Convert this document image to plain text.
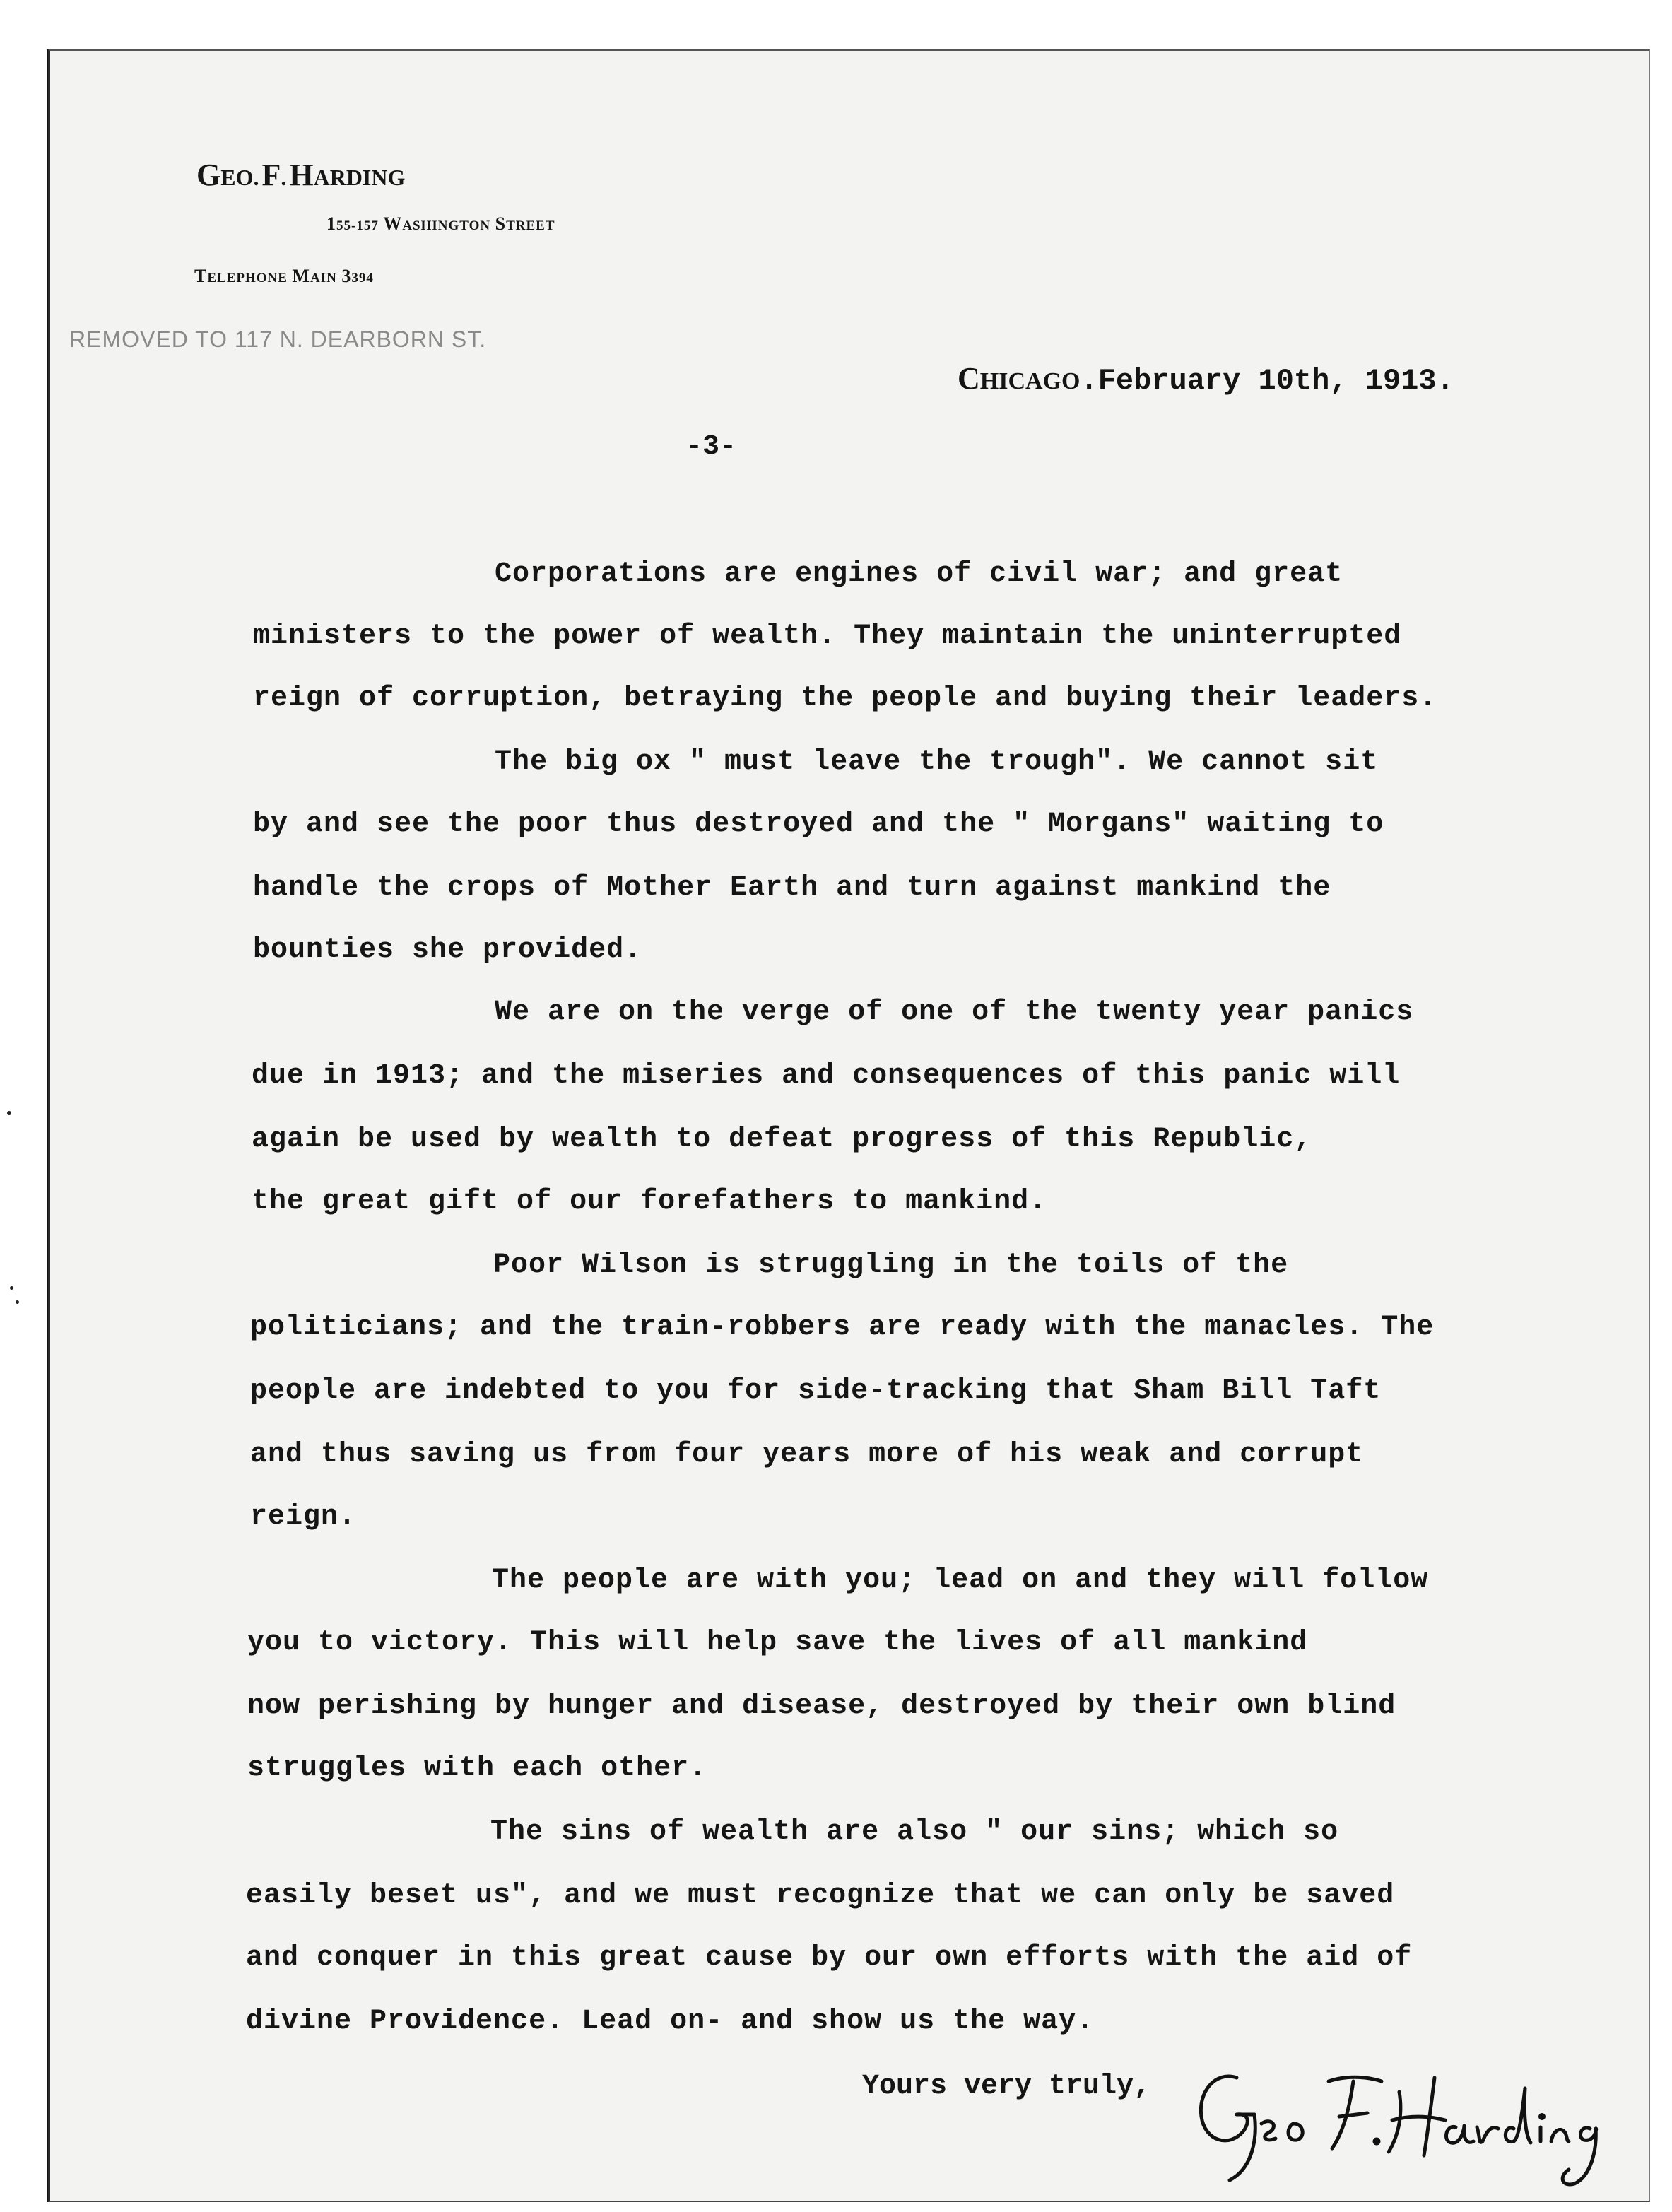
GEO. F. HARDING
155-157 WASHINGTON STREET
TELEPHONE MAIN 3394
REMOVED TO 117 N. DEARBORN ST.
CHICAGO.February 10th, 1913.
-3-
Corporations are engines of civil war; and great
ministers to the power of wealth. They maintain the uninterrupted
reign of corruption, betraying the people and buying their leaders.
The big ox " must leave the trough". We cannot sit
by and see the poor thus destroyed and the " Morgans" waiting to
handle the crops of Mother Earth and turn against mankind the
bounties she provided.
We are on the verge of one of the twenty year panics
due in 1913; and the miseries and consequences of this panic will
again be used by wealth to defeat progress of this Republic,
the great gift of our forefathers to mankind.
Poor Wilson is struggling in the toils of the
politicians; and the train-robbers are ready with the manacles. The
people are indebted to you for side-tracking that Sham Bill Taft
and thus saving us from four years more of his weak and corrupt
reign.
The people are with you; lead on and they will follow
you to victory. This will help save the lives of all mankind
now perishing by hunger and disease, destroyed by their own blind
struggles with each other.
The sins of wealth are also " our sins; which so
easily beset us", and we must recognize that we can only be saved
and conquer in this great cause by our own efforts with the aid of
divine Providence. Lead on- and show us the way.
Yours very truly,
